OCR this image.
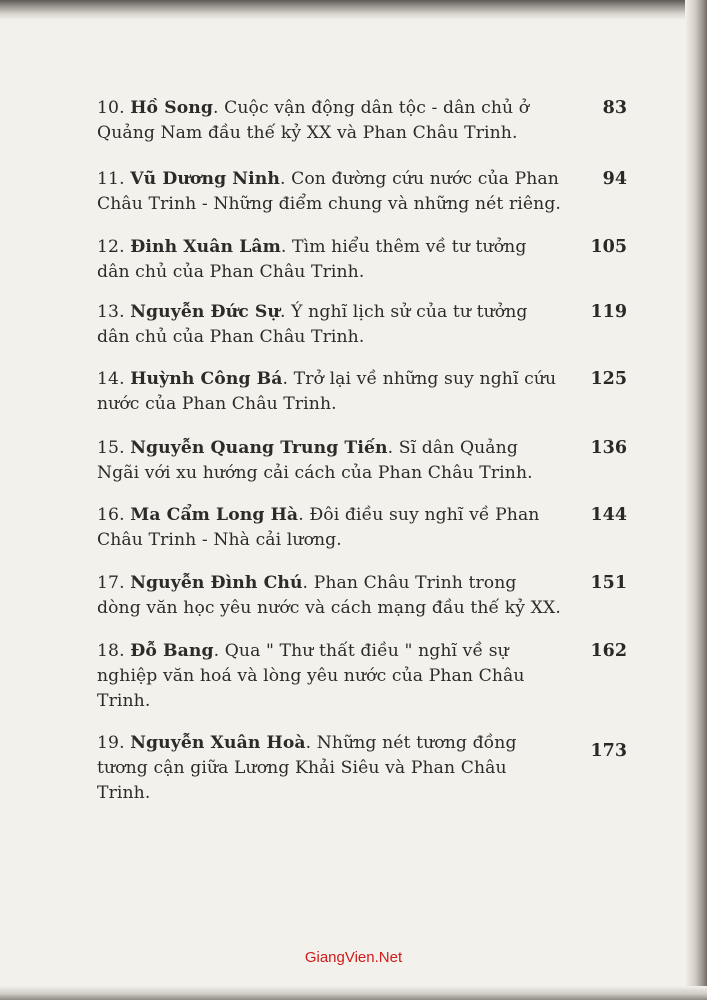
10. Hồ Song. Cuộc vận động dân tộc - dân chủ ở Quảng Nam đầu thế kỷ XX và Phan Châu Trinh.
83
11. Vũ Dương Ninh. Con đường cứu nước của Phan Châu Trinh - Những điểm chung và những nét riêng.
94
12. Đinh Xuân Lâm. Tìm hiểu thêm về tư tưởng dân chủ của Phan Châu Trinh.
105
13. Nguyễn Đức Sự. Ý nghĩ lịch sử của tư tưởng dân chủ của Phan Châu Trinh.
119
14. Huỳnh Công Bá. Trở lại về những suy nghĩ cứu nước của Phan Châu Trinh.
125
15. Nguyễn Quang Trung Tiến. Sĩ dân Quảng Ngãi với xu hướng cải cách của Phan Châu Trinh.
136
16. Ma Cẩm Long Hà. Đôi điều suy nghĩ về Phan Châu Trinh - Nhà cải lương.
144
17. Nguyễn Đình Chú. Phan Châu Trinh trong dòng văn học yêu nước và cách mạng đầu thế kỷ XX.
151
18. Đỗ Bang. Qua " Thư thất điều " nghĩ về sự nghiệp văn hoá và lòng yêu nước của Phan Châu Trinh.
162
19. Nguyễn Xuân Hoà. Những nét tương đồng tương cận giữa Lương Khải Siêu và Phan Châu Trinh.
173
GiangVien.Net
